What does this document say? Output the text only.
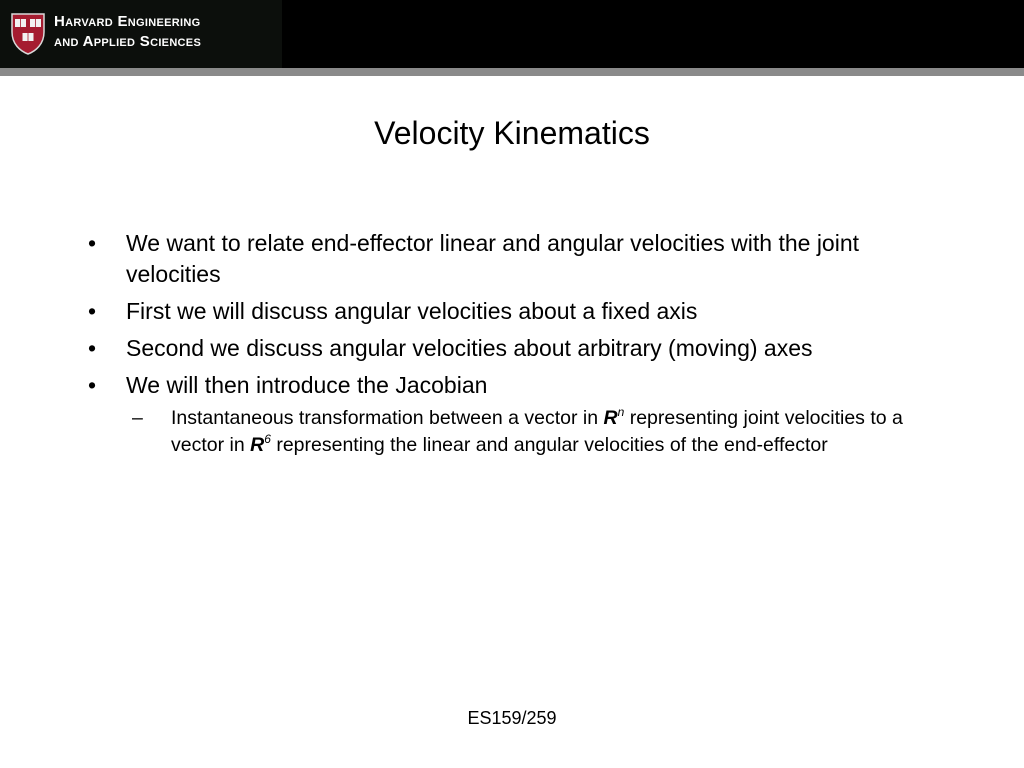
Harvard Engineering
and Applied Sciences
Velocity Kinematics
• We want to relate end-effector linear and angular velocities with the joint velocities
• First we will discuss angular velocities about a fixed axis
• Second we discuss angular velocities about arbitrary (moving) axes
• We will then introduce the Jacobian
– Instantaneous transformation between a vector in $R^n$ representing joint velocities to a vector in $R^6$ representing the linear and angular velocities of the end-effector
ES159/259
